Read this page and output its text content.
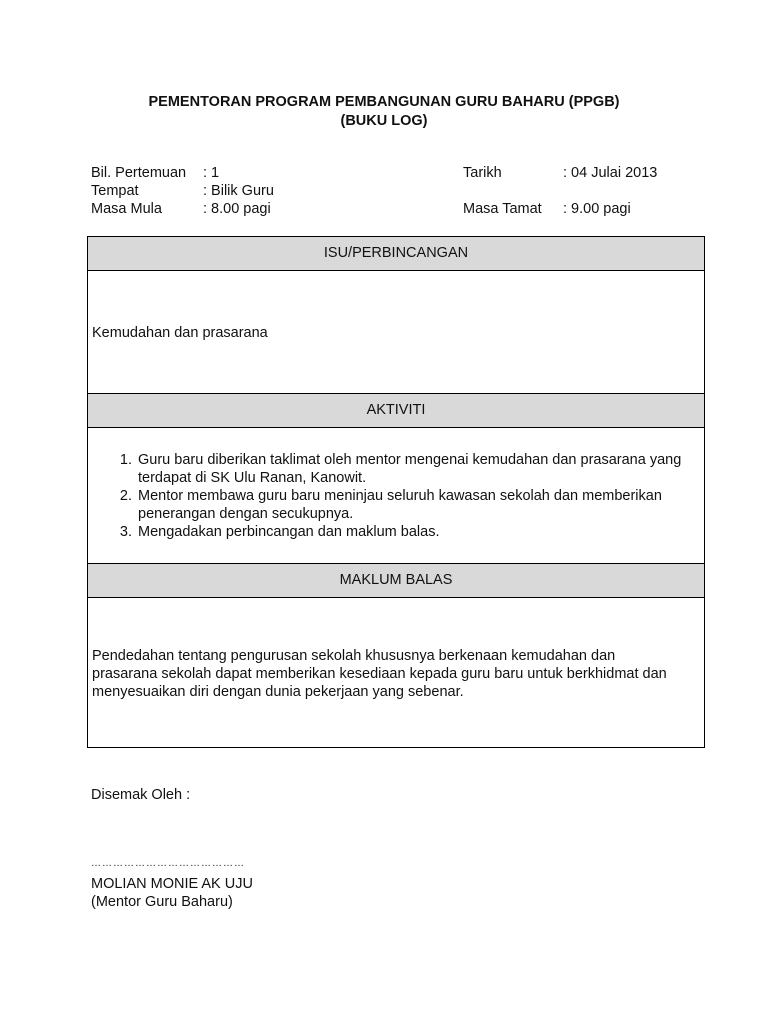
PEMENTORAN PROGRAM PEMBANGUNAN GURU BAHARU (PPGB)
(BUKU LOG)
Bil. Pertemuan : 1	Tarikh	: 04 Julai 2013
Tempat	: Bilik Guru
Masa Mula	: 8.00 pagi	Masa Tamat : 9.00 pagi
ISU/PERBINCANGAN
Kemudahan dan prasarana
AKTIVITI
1. Guru baru diberikan taklimat oleh mentor mengenai kemudahan dan prasarana yang terdapat di SK Ulu Ranan, Kanowit.
2. Mentor membawa guru baru meninjau seluruh kawasan sekolah dan memberikan penerangan dengan secukupnya.
3. Mengadakan perbincangan dan maklum balas.
MAKLUM BALAS
Pendedahan tentang pengurusan sekolah khususnya berkenaan kemudahan dan
prasarana sekolah dapat memberikan kesediaan kepada guru baru untuk berkhidmat dan
menyesuaikan diri dengan dunia pekerjaan yang sebenar.
Disemak Oleh :
……………………………………
MOLIAN MONIE AK UJU
(Mentor Guru Baharu)
